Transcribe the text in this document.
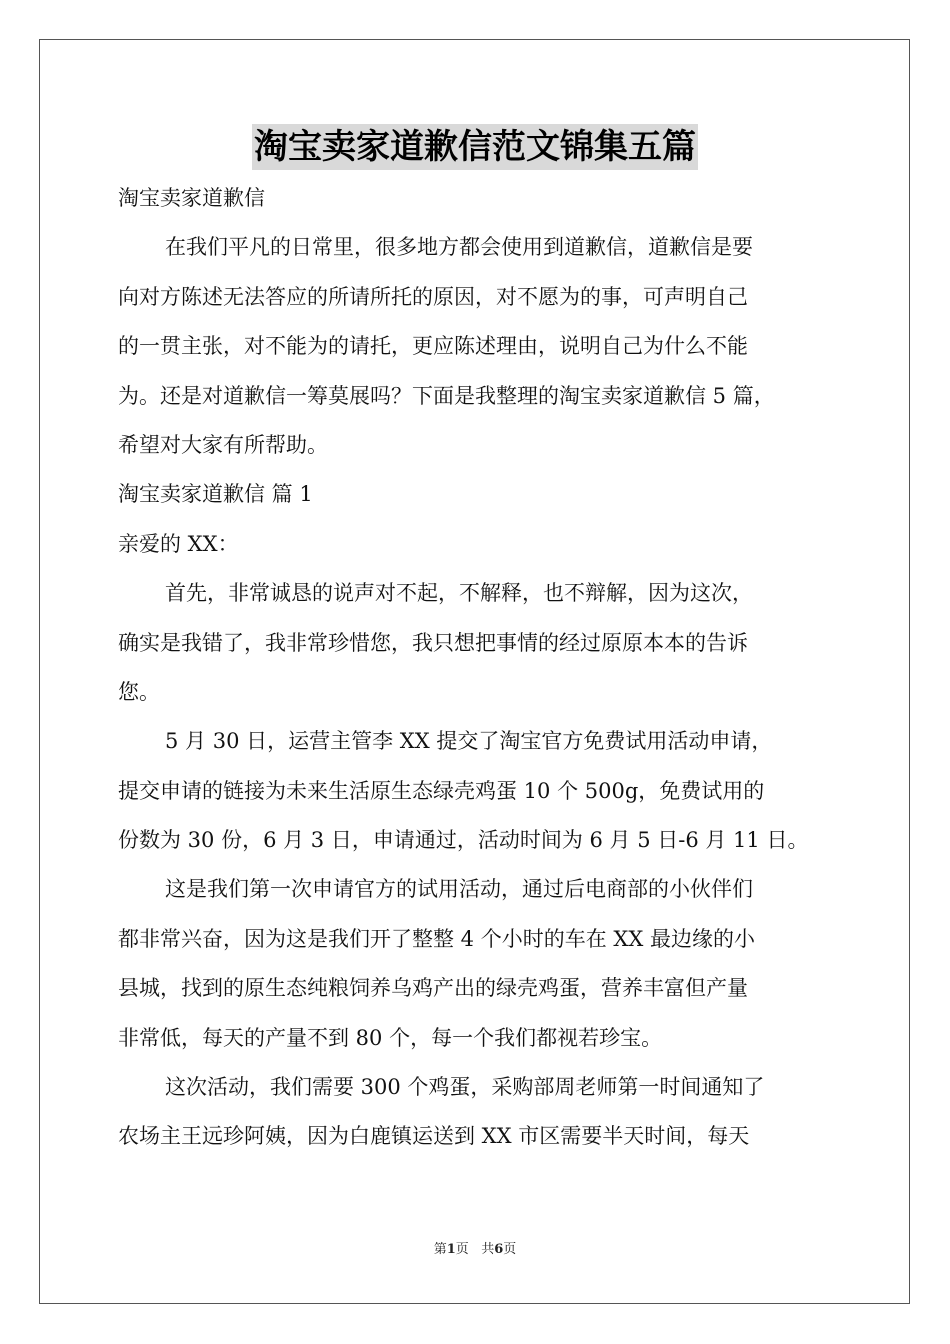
淘宝卖家道歉信范文锦集五篇
淘宝卖家道歉信
在我们平凡的日常里，很多地方都会使用到道歉信，道歉信是要
向对方陈述无法答应的所请所托的原因，对不愿为的事，可声明自己
的一贯主张，对不能为的请托，更应陈述理由，说明自己为什么不能
为。还是对道歉信一筹莫展吗？下面是我整理的淘宝卖家道歉信 5 篇，
希望对大家有所帮助。
淘宝卖家道歉信 篇 1
亲爱的 XX：
首先，非常诚恳的说声对不起，不解释，也不辩解，因为这次，
确实是我错了，我非常珍惜您，我只想把事情的经过原原本本的告诉
您。
5 月 30 日，运营主管李 XX 提交了淘宝官方免费试用活动申请，
提交申请的链接为未来生活原生态绿壳鸡蛋 10 个 500g，免费试用的
份数为 30 份，6 月 3 日，申请通过，活动时间为 6 月 5 日-6 月 11 日。
这是我们第一次申请官方的试用活动，通过后电商部的小伙伴们
都非常兴奋，因为这是我们开了整整 4 个小时的车在 XX 最边缘的小
县城，找到的原生态纯粮饲养乌鸡产出的绿壳鸡蛋，营养丰富但产量
非常低，每天的产量不到 80 个，每一个我们都视若珍宝。
这次活动，我们需要 300 个鸡蛋，采购部周老师第一时间通知了
农场主王远珍阿姨，因为白鹿镇运送到 XX 市区需要半天时间，每天
第1页 共6页
